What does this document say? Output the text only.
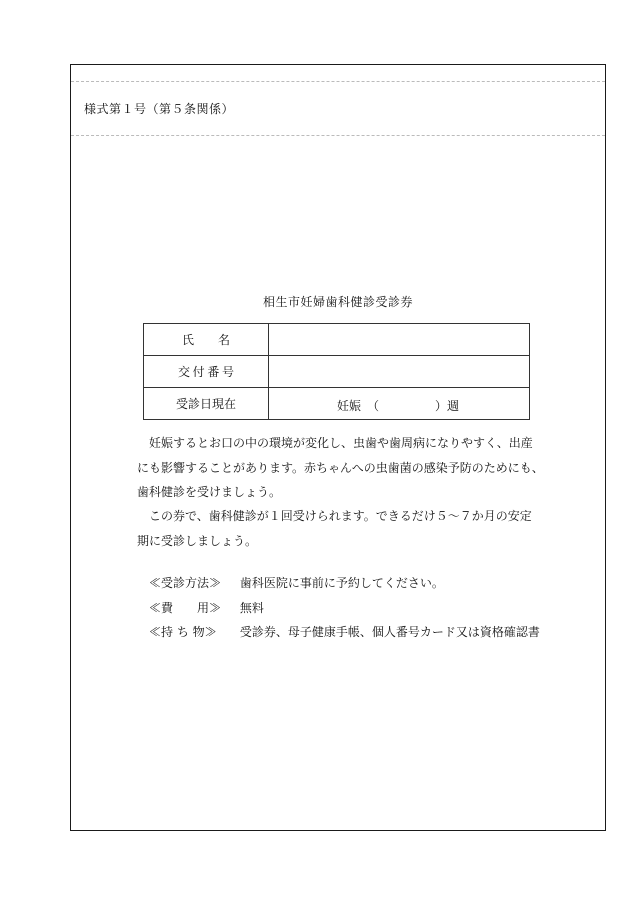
様式第１号（第５条関係）
相生市妊婦歯科健診受診券
氏　　名	
交付番号	
受診日現在	妊娠 （ ）週

妊娠するとお口の中の環境が変化し、虫歯や歯周病になりやすく、出産

にも影響することがあります。赤ちゃんへの虫歯菌の感染予防のためにも、

歯科健診を受けましょう。

この券で、歯科健診が１回受けられます。できるだけ５～７か月の安定

期に受診しましょう。

≪受診方法≫ 歯科医院に事前に予約してください。
≪費　　用≫ 無料
≪持 ち 物≫ 受診券、母子健康手帳、個人番号カード又は資格確認書
